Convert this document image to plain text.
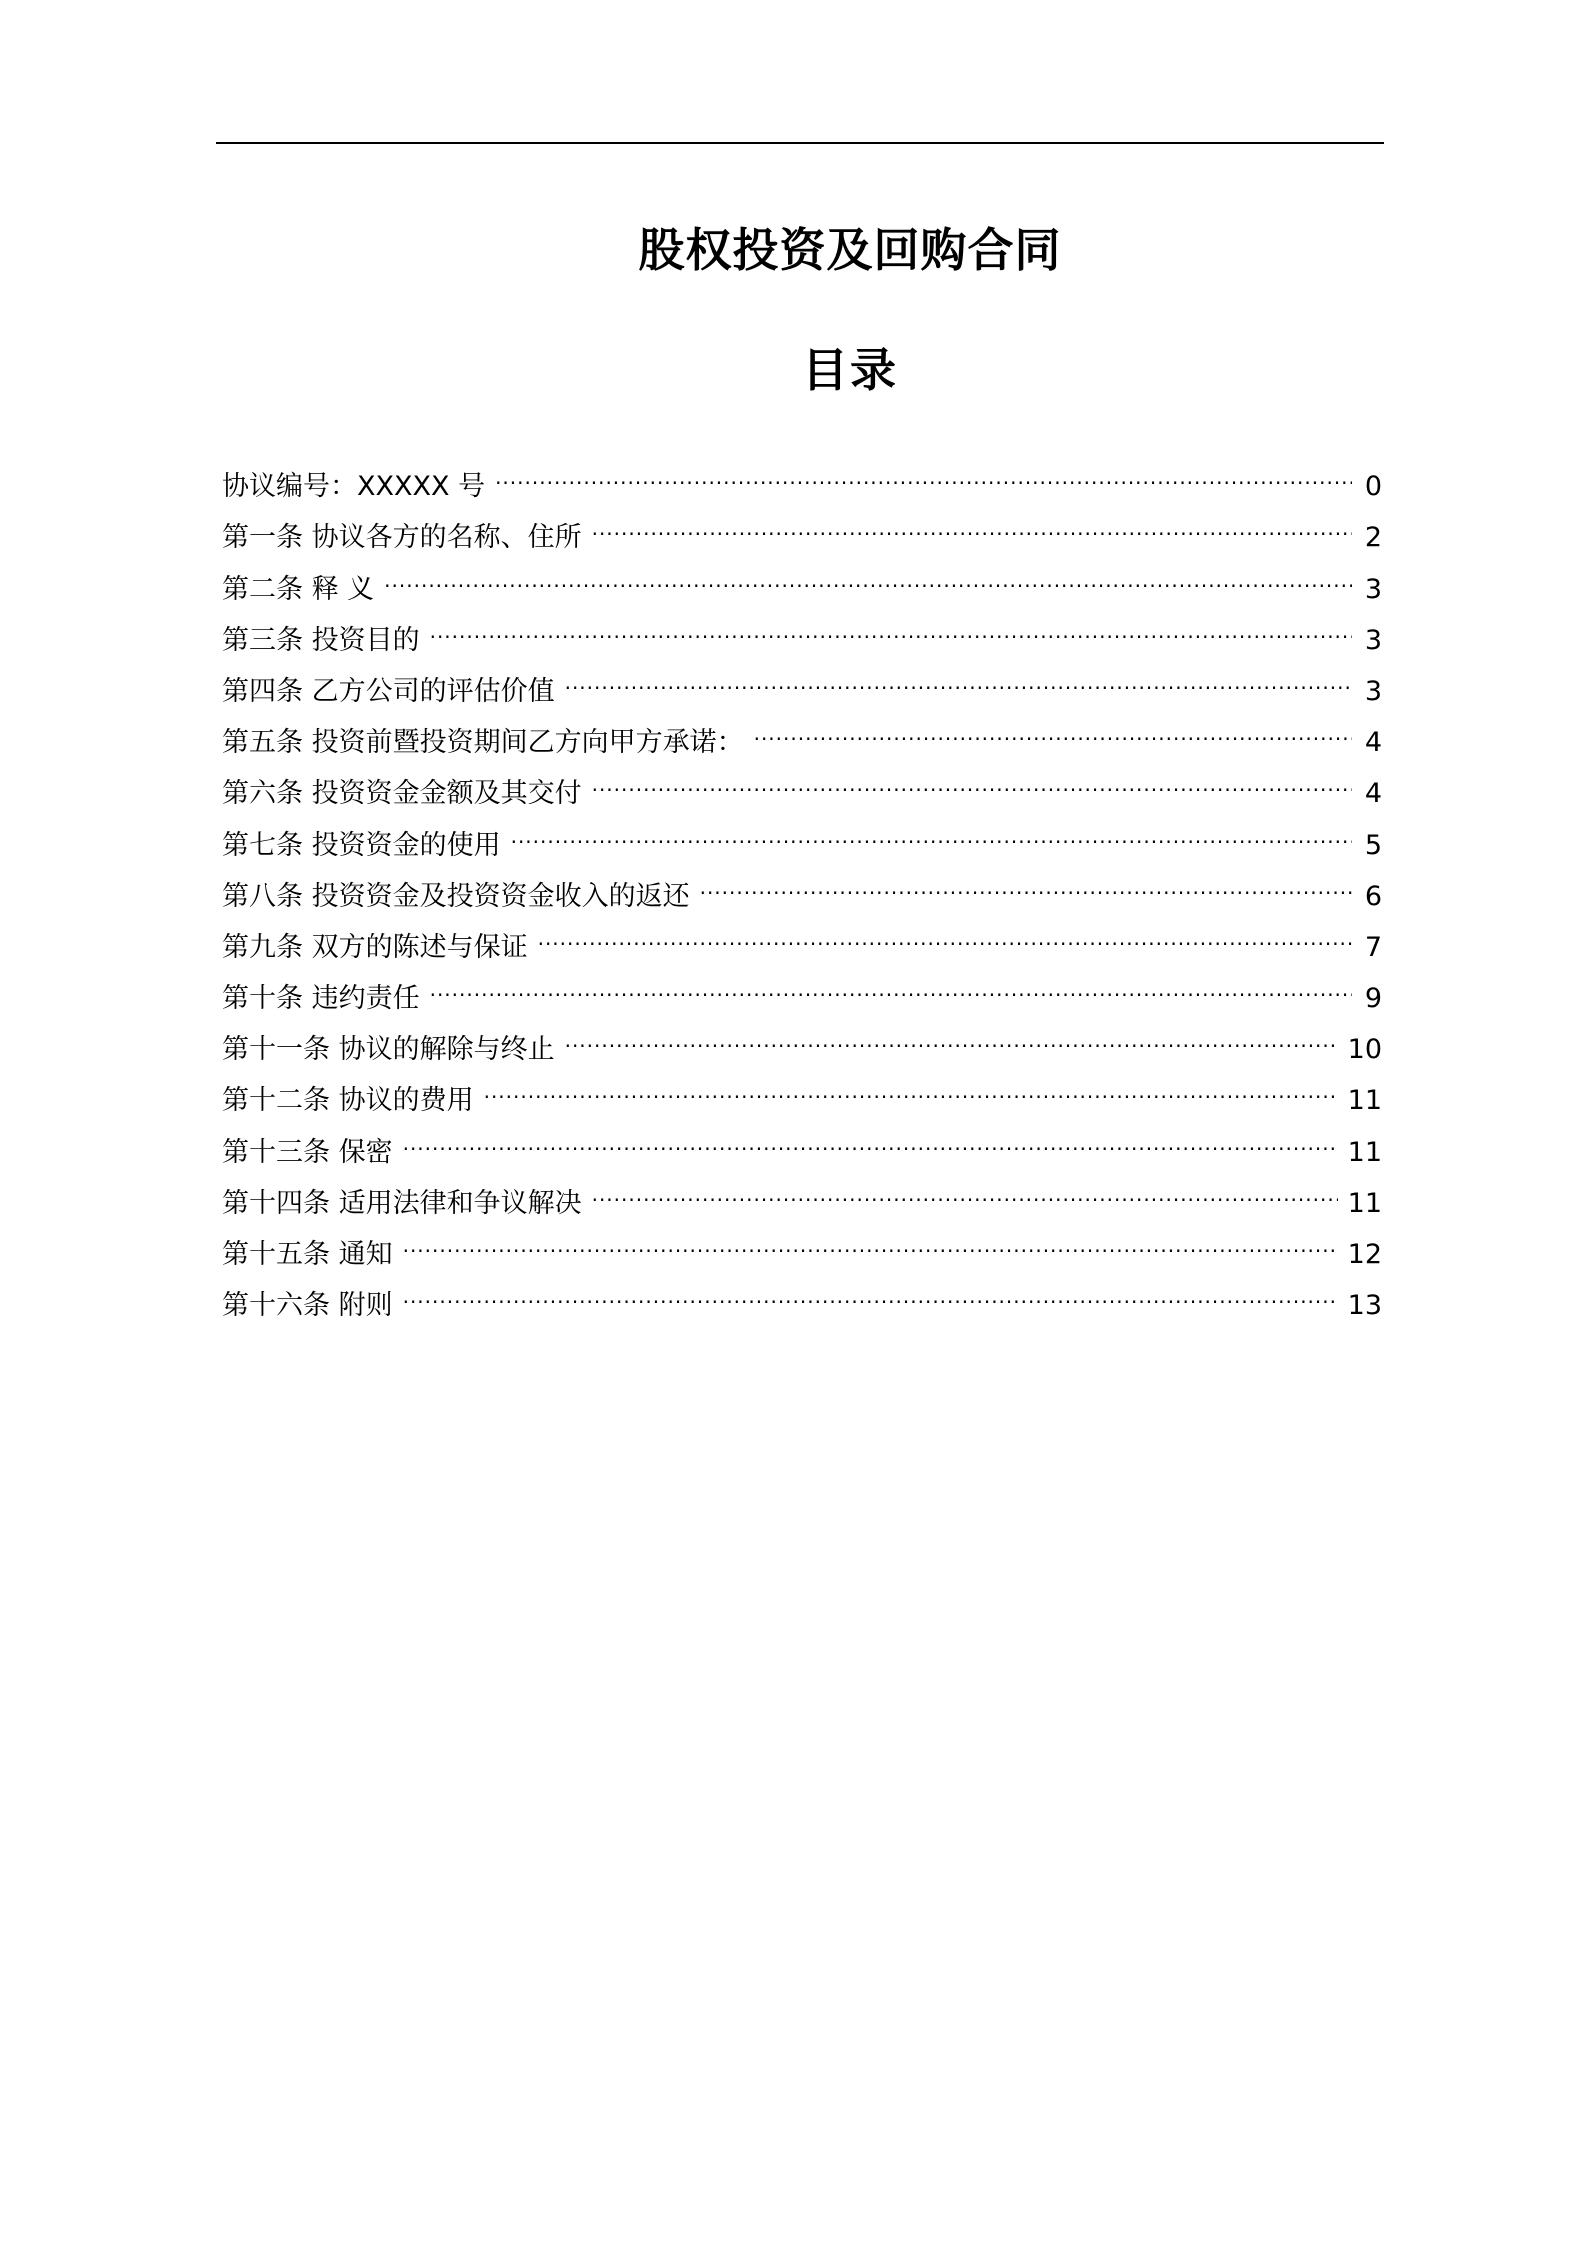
股权投资及回购合同
目录
协议编号：XXXXX 号 .....	0
第一条 协议各方的名称、住所 .....	2
第二条 释 义 .....	3
第三条 投资目的 .....	3
第四条 乙方公司的评估价值 .....	3
第五条 投资前暨投资期间乙方向甲方承诺： .....	4
第六条 投资资金金额及其交付 .....	4
第七条 投资资金的使用 .....	5
第八条 投资资金及投资资金收入的返还 .....	6
第九条 双方的陈述与保证 .....	7
第十条 违约责任 .....	9
第十一条 协议的解除与终止 .....	10
第十二条 协议的费用 .....	11
第十三条 保密 .....	11
第十四条 适用法律和争议解决 .....	11
第十五条 通知 .....	12
第十六条 附则 .....	13
